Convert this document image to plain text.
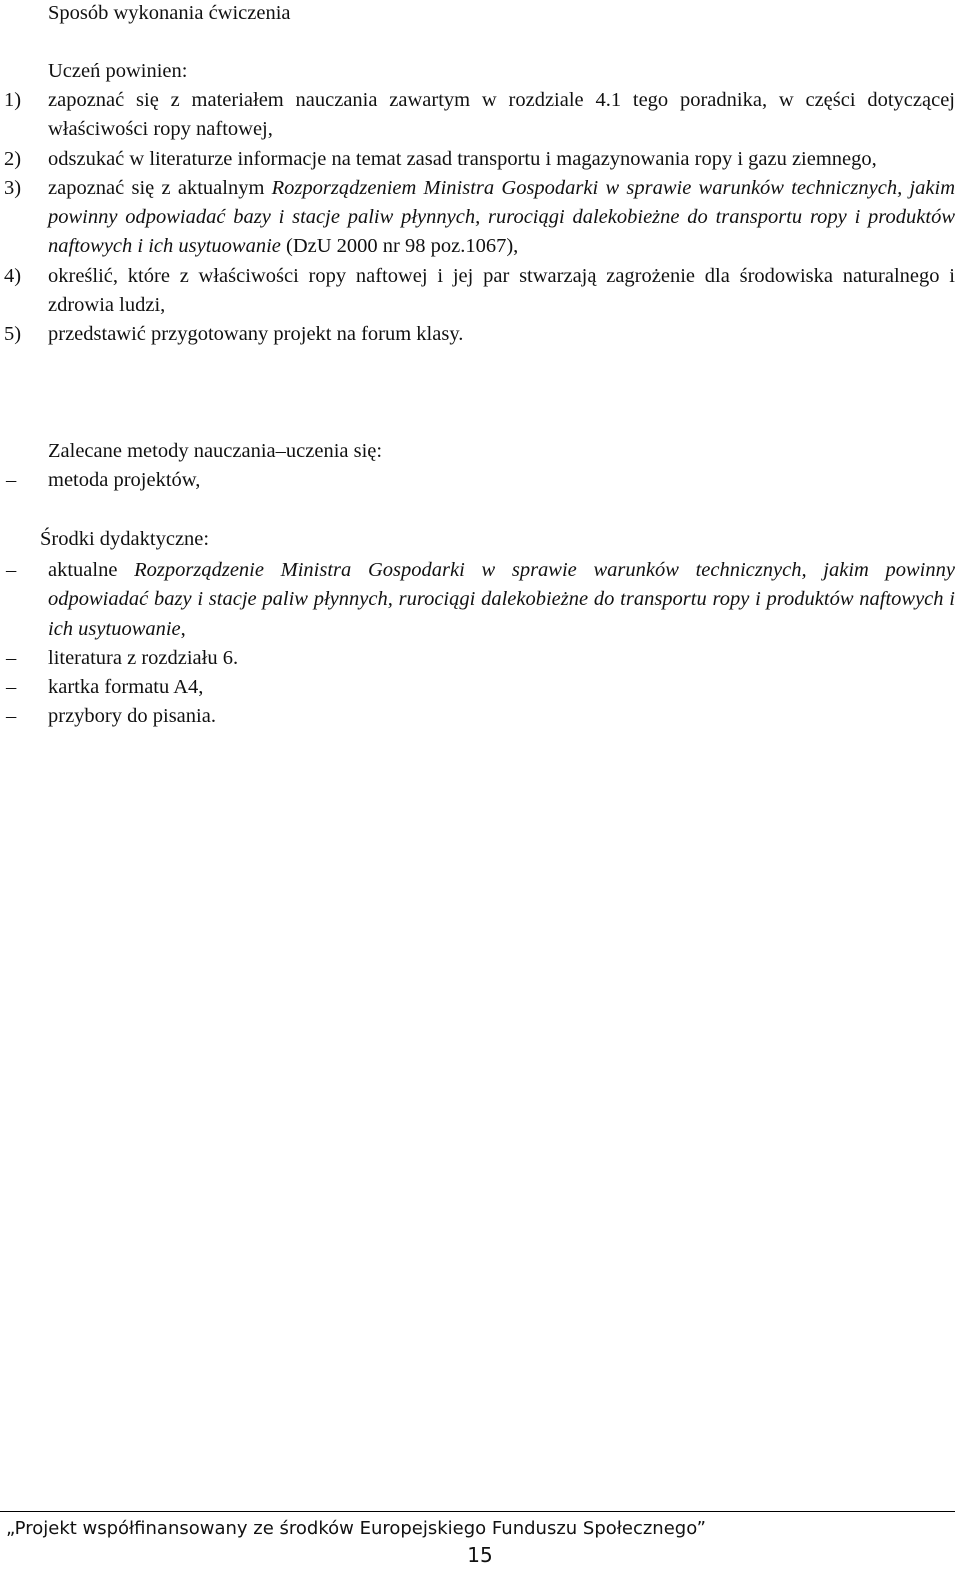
Sposób wykonania ćwiczenia
Uczeń powinien:
1) zapoznać się z materiałem nauczania zawartym w rozdziale 4.1 tego poradnika, w części dotyczącej właściwości ropy naftowej,
2) odszukać w literaturze informacje na temat zasad transportu i magazynowania ropy i gazu ziemnego,
3) zapoznać się z aktualnym Rozporządzeniem Ministra Gospodarki w sprawie warunków technicznych, jakim powinny odpowiadać bazy i stacje paliw płynnych, rurociągi dalekobieżne do transportu ropy i produktów naftowych i ich usytuowanie (DzU 2000 nr 98 poz.1067),
4) określić, które z właściwości ropy naftowej i jej par stwarzają zagrożenie dla środowiska naturalnego i zdrowia ludzi,
5) przedstawić przygotowany projekt na forum klasy.
Zalecane metody nauczania–uczenia się:
– metoda projektów,
Środki dydaktyczne:
– aktualne Rozporządzenie Ministra Gospodarki w sprawie warunków technicznych, jakim powinny odpowiadać bazy i stacje paliw płynnych, rurociągi dalekobieżne do transportu ropy i produktów naftowych i ich usytuowanie,
– literatura z rozdziału 6.
– kartka formatu A4,
– przybory do pisania.
„Projekt współfinansowany ze środków Europejskiego Funduszu Społecznego”
15
